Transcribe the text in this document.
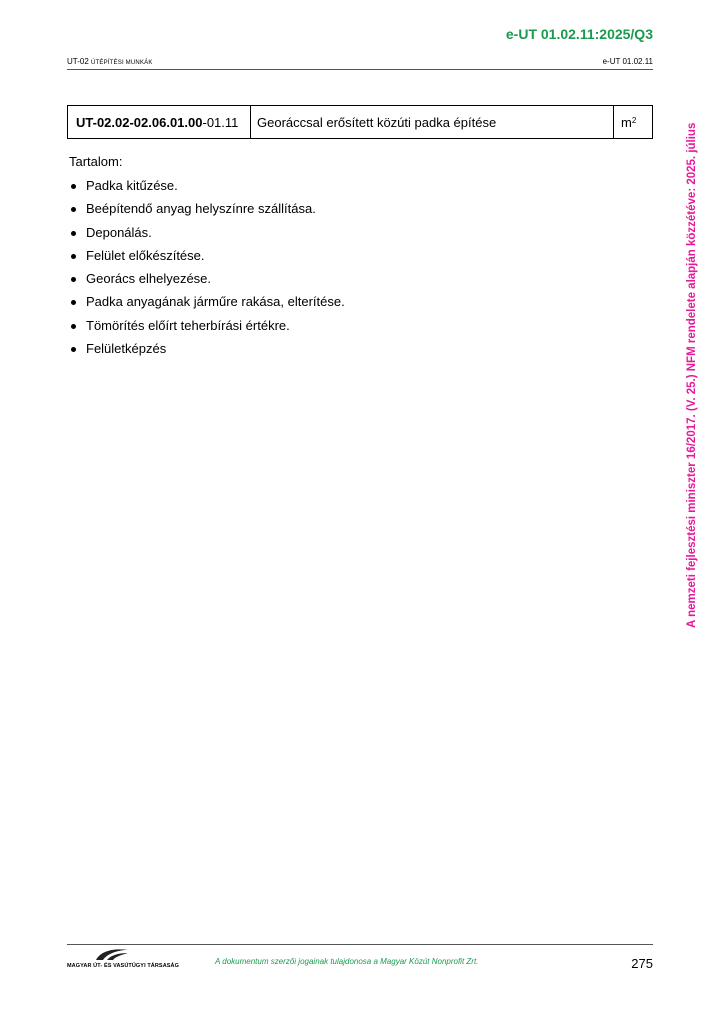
e-UT 01.02.11:2025/Q3
UT-02 ÚTÉPÍTÉSI MUNKÁK	e-UT 01.02.11
A nemzeti fejlesztési miniszter 16/2017. (V. 25.) NFM rendelete alapján közzétéve: 2025. július
UT-02.02-02.06.01.00 -01.11	Georáccsal erősített közúti padka építése	$m^2$
Tartalom:
Padka kitűzése.
Beépítendő anyag helyszínre szállítása.
Deponálás.
Felület előkészítése.
Georács elhelyezése.
Padka anyagának járműre rakása, elterítése.
Tömörítés előírt teherbírási értékre.
Felületképzés
MAGYAR ÚT- ÉS VASÚTÜGYI TÁRSASÁG	A dokumentum szerzői jogainak tulajdonosa a Magyar Közút Nonprofit Zrt.	275
